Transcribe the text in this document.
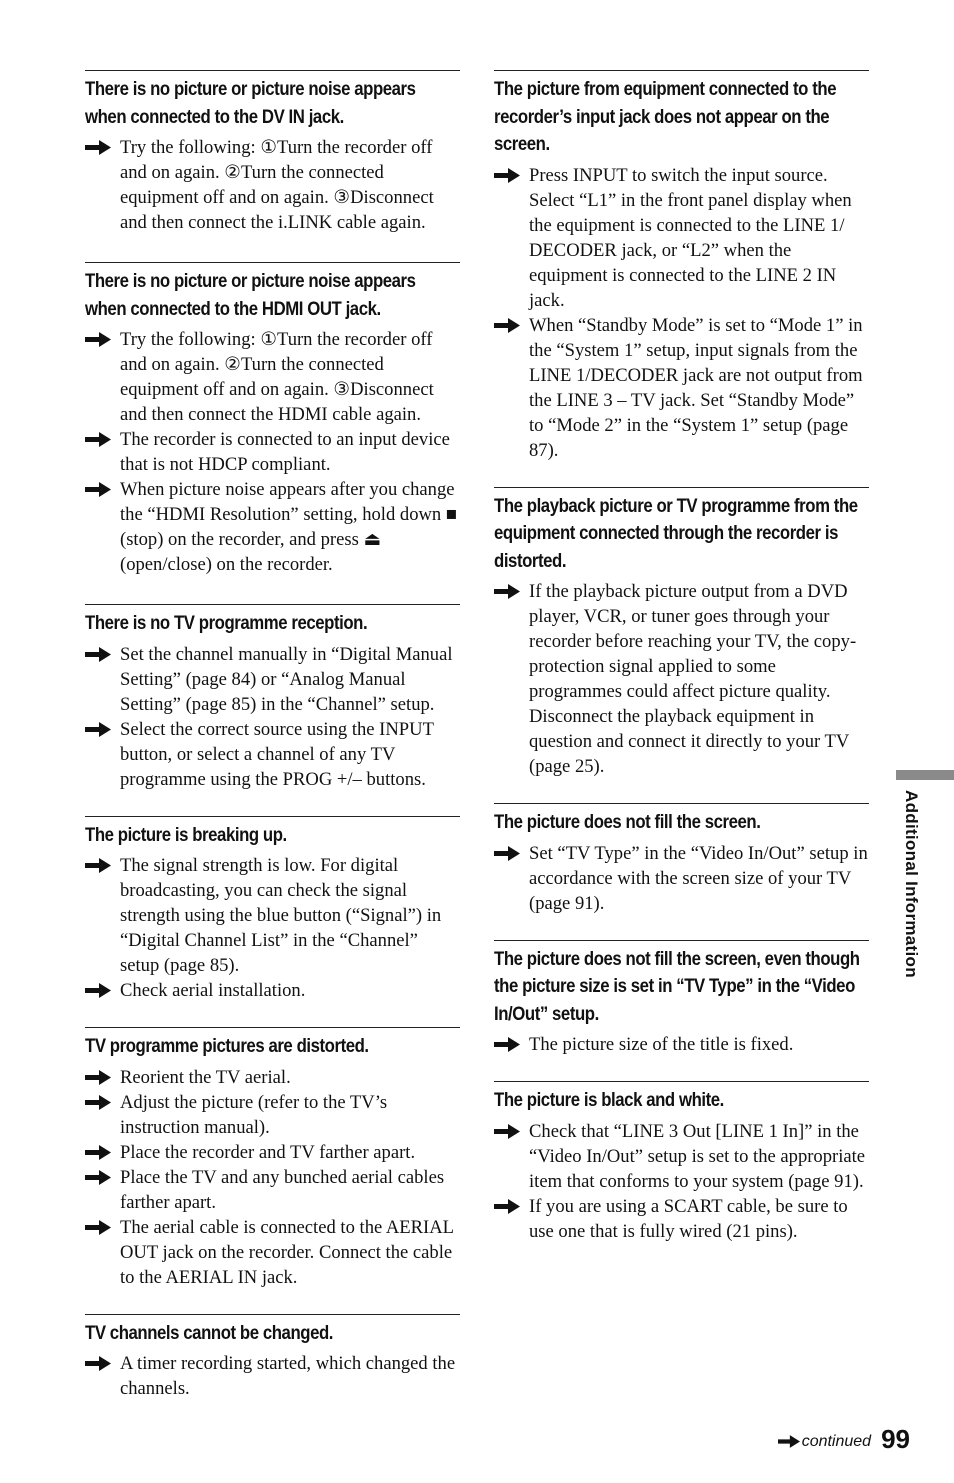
There is no picture or picture noise appears when connected to the DV IN jack.

Try the following: ①Turn the recorder off and on again. ②Turn the connected equipment off and on again. ③Disconnect and then connect the i.LINK cable again.

There is no picture or picture noise appears when connected to the HDMI OUT jack.

Try the following: ①Turn the recorder off and on again. ②Turn the connected equipment off and on again. ③Disconnect and then connect the HDMI cable again.

The recorder is connected to an input device that is not HDCP compliant.

When picture noise appears after you change the “HDMI Resolution” setting, hold down ■ (stop) on the recorder, and press ⏏ (open/close) on the recorder.

There is no TV programme reception.

Set the channel manually in “Digital Manual Setting” (page 84) or “Analog Manual Setting” (page 85) in the “Channel” setup.

Select the correct source using the INPUT button, or select a channel of any TV programme using the PROG +/– buttons.

The picture is breaking up.

The signal strength is low. For digital broadcasting, you can check the signal strength using the blue button (“Signal”) in “Digital Channel List” in the “Channel” setup (page 85).

Check aerial installation.

TV programme pictures are distorted.

Reorient the TV aerial.

Adjust the picture (refer to the TV’s instruction manual).

Place the recorder and TV farther apart.

Place the TV and any bunched aerial cables farther apart.

The aerial cable is connected to the AERIAL OUT jack on the recorder. Connect the cable to the AERIAL IN jack.

TV channels cannot be changed.

A timer recording started, which changed the channels.

The picture from equipment connected to the recorder’s input jack does not appear on the screen.

Press INPUT to switch the input source. Select “L1” in the front panel display when the equipment is connected to the LINE 1/ DECODER jack, or “L2” when the equipment is connected to the LINE 2 IN jack.

When “Standby Mode” is set to “Mode 1” in the “System 1” setup, input signals from the LINE 1/DECODER jack are not output from the LINE 3 – TV jack. Set “Standby Mode” to “Mode 2” in the “System 1” setup (page 87).

The playback picture or TV programme from the equipment connected through the recorder is distorted.

If the playback picture output from a DVD player, VCR, or tuner goes through your recorder before reaching your TV, the copy-protection signal applied to some programmes could affect picture quality. Disconnect the playback equipment in question and connect it directly to your TV (page 25).

The picture does not fill the screen.

Set “TV Type” in the “Video In/Out” setup in accordance with the screen size of your TV (page 91).

The picture does not fill the screen, even though the picture size is set in “TV Type” in the “Video In/Out” setup.

The picture size of the title is fixed.

The picture is black and white.

Check that “LINE 3 Out [LINE 1 In]” in the “Video In/Out” setup is set to the appropriate item that conforms to your system (page 91).

If you are using a SCART cable, be sure to use one that is fully wired (21 pins).

Additional Information
continued 99
